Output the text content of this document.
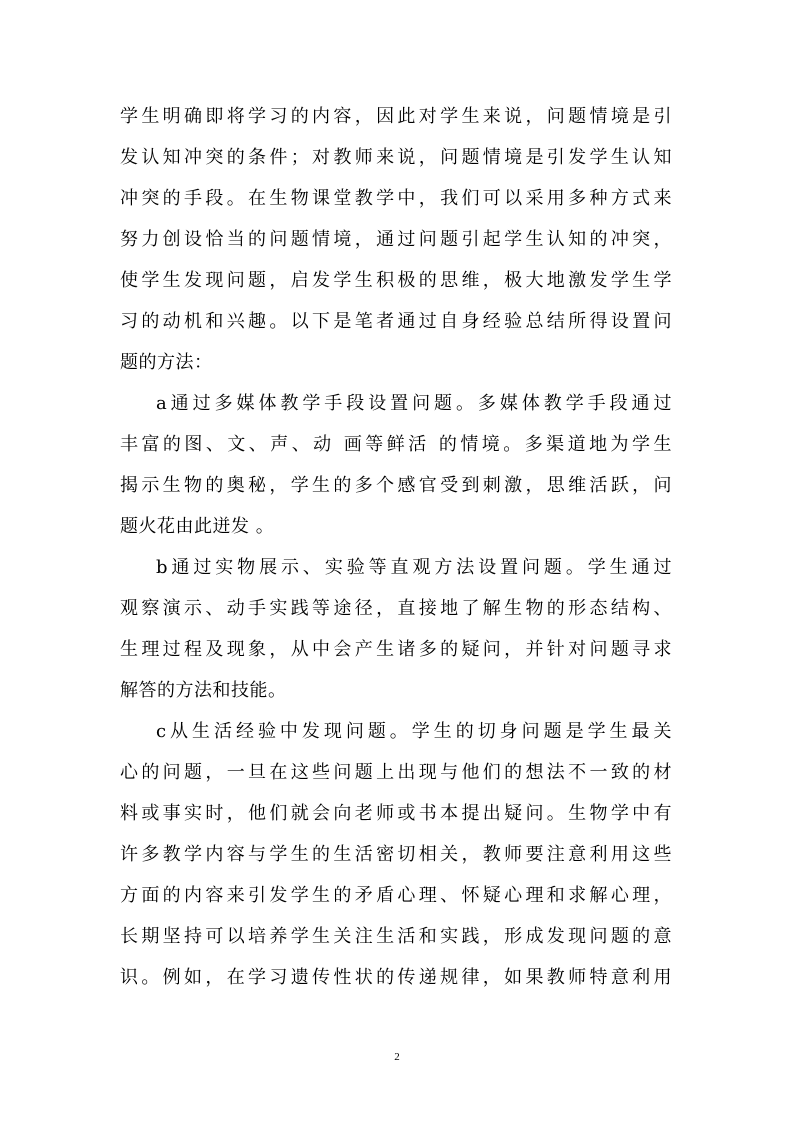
学生明确即将学习的内容，因此对学生来说，问题情境是引
发认知冲突的条件；对教师来说，问题情境是引发学生认知
冲突的手段。在生物课堂教学中，我们可以采用多种方式来
努力创设恰当的问题情境，通过问题引起学生认知的冲突，
使学生发现问题，启发学生积极的思维，极大地激发学生学
习的动机和兴趣。以下是笔者通过自身经验总结所得设置问
题的方法：
a通过多媒体教学手段设置问题。多媒体教学手段通过
丰富的图、文、声、动 画等鲜活 的情境。多渠道地为学生
揭示生物的奥秘，学生的多个感官受到刺激，思维活跃，问
题火花由此迸发 。
b通过实物展示、实验等直观方法设置问题。学生通过
观察演示、动手实践等途径，直接地了解生物的形态结构、
生理过程及现象，从中会产生诸多的疑问，并针对问题寻求
解答的方法和技能。
c从生活经验中发现问题。学生的切身问题是学生最关
心的问题，一旦在这些问题上出现与他们的想法不一致的材
料或事实时，他们就会向老师或书本提出疑问。生物学中有
许多教学内容与学生的生活密切相关，教师要注意利用这些
方面的内容来引发学生的矛盾心理、怀疑心理和求解心理，
长期坚持可以培养学生关注生活和实践，形成发现问题的意
识。例如，在学习遗传性状的传递规律，如果教师特意利用
2
